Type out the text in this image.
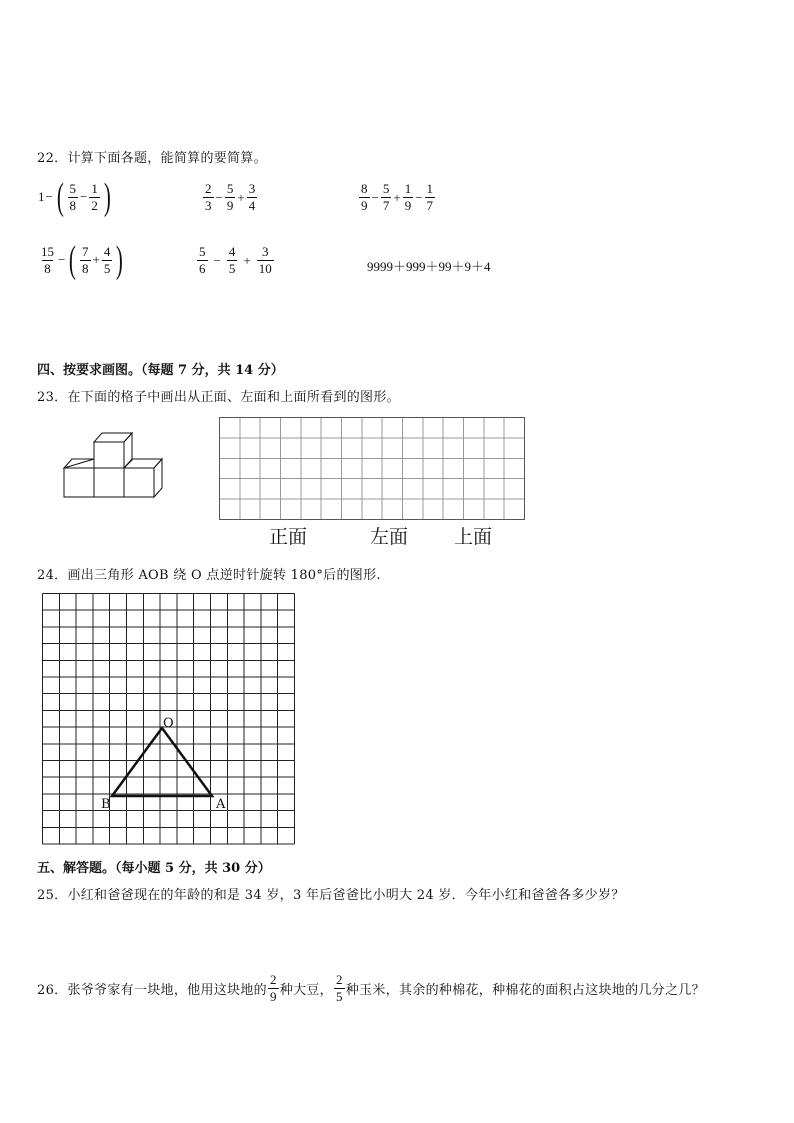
22．计算下面各题，能简算的要简算。
1 − ( $\frac{5}{8} - \frac{1}{2}$ )	$\frac{2}{3} - \frac{5}{9} + \frac{3}{4}$	$\frac{8}{9} - \frac{5}{7} + \frac{1}{9} - \frac{1}{7}$
$\frac{15}{8}$ − ( $\frac{7}{8} + \frac{4}{5}$ )	$\frac{5}{6} - \frac{4}{5} + \frac{3}{10}$	9999＋999＋99＋9＋4
四、按要求画图。（每题 7 分，共 14 分）
23．在下面的格子中画出从正面、左面和上面所看到的图形。
正面	左面 上面
24．画出三角形 AOB 绕 O 点逆时针旋转 180°后的图形.
O
B	A
五、解答题。（每小题 5 分，共 30 分）
25．小红和爸爸现在的年龄的和是 34 岁，3 年后爸爸比小明大 24 岁．今年小红和爸爸各多少岁？
26．张爷爷家有一块地，他用这块地的 $\frac{2}{9}$ 种大豆， $\frac{2}{5}$ 种玉米，其余的种棉花，种棉花的面积占这块地的几分之几？
